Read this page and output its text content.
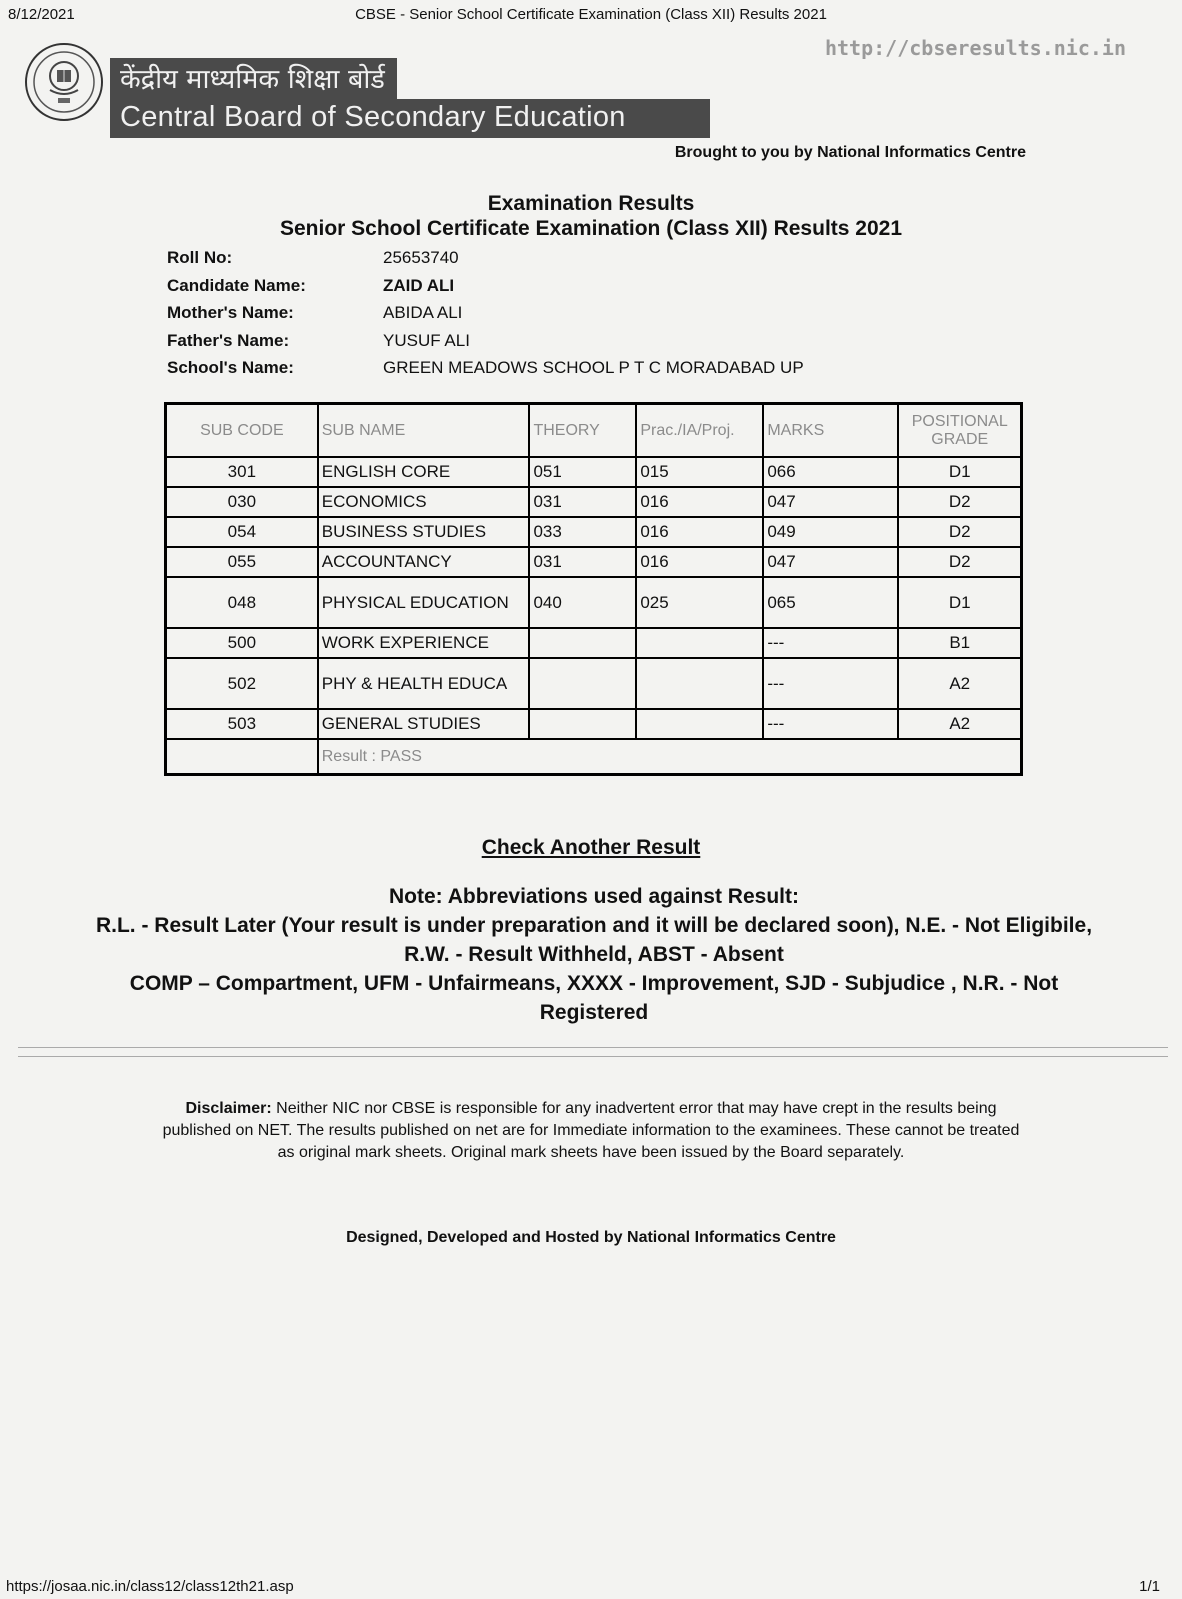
8/12/2021	CBSE - Senior School Certificate Examination (Class XII) Results 2021
http://cbseresults.nic.in
केंद्रीय माध्यमिक शिक्षा बोर्ड
Central Board of Secondary Education
Brought to you by National Informatics Centre
Examination Results
Senior School Certificate Examination (Class XII) Results 2021
Roll No:	25653740
Candidate Name:	ZAID ALI
Mother's Name:	ABIDA ALI
Father's Name:	YUSUF ALI
School's Name:	GREEN MEADOWS SCHOOL P T C MORADABAD UP
SUB CODE	SUB NAME	THEORY	Prac./IA/Proj.	MARKS	POSITIONAL GRADE
301	ENGLISH CORE	051	015	066	D1
030	ECONOMICS	031	016	047	D2
054	BUSINESS STUDIES	033	016	049	D2
055	ACCOUNTANCY	031	016	047	D2
048	PHYSICAL EDUCATION	040	025	065	D1
500	WORK EXPERIENCE			---	B1
502	PHY & HEALTH EDUCA			---	A2
503	GENERAL STUDIES			---	A2
	Result : PASS				
Check Another Result
Note: Abbreviations used against Result:
R.L. - Result Later (Your result is under preparation and it will be declared soon), N.E. - Not Eligibile,
R.W. - Result Withheld, ABST - Absent
COMP – Compartment, UFM - Unfairmeans, XXXX - Improvement, SJD - Subjudice , N.R. - Not
Registered
Disclaimer: Neither NIC nor CBSE is responsible for any inadvertent error that may have crept in the results being published on NET. The results published on net are for Immediate information to the examinees. These cannot be treated as original mark sheets. Original mark sheets have been issued by the Board separately.
Designed, Developed and Hosted by National Informatics Centre
https://josaa.nic.in/class12/class12th21.asp	1/1
